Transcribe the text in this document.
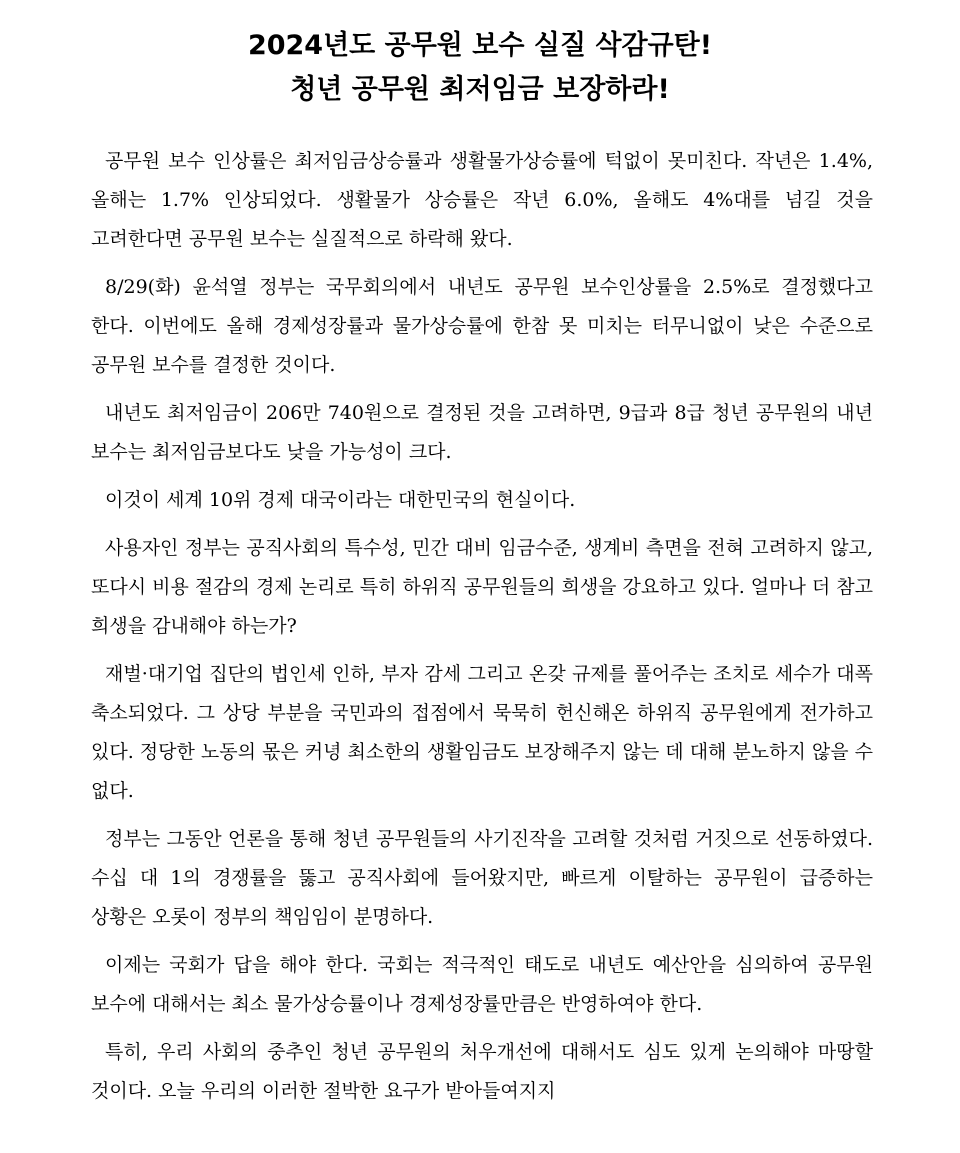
2024년도 공무원 보수 실질 삭감규탄!
청년 공무원 최저임금 보장하라!

공무원 보수 인상률은 최저임금상승률과 생활물가상승률에 턱없이 못미친다. 작년은 1.4%, 올해는 1.7% 인상되었다. 생활물가 상승률은 작년 6.0%, 올해도 4%대를 넘길 것을 고려한다면 공무원 보수는 실질적으로 하락해 왔다.

8/29(화) 윤석열 정부는 국무회의에서 내년도 공무원 보수인상률을 2.5%로 결정했다고 한다. 이번에도 올해 경제성장률과 물가상승률에 한참 못 미치는 터무니없이 낮은 수준으로 공무원 보수를 결정한 것이다.

내년도 최저임금이 206만 740원으로 결정된 것을 고려하면, 9급과 8급 청년 공무원의 내년 보수는 최저임금보다도 낮을 가능성이 크다.

이것이 세계 10위 경제 대국이라는 대한민국의 현실이다.

사용자인 정부는 공직사회의 특수성, 민간 대비 임금수준, 생계비 측면을 전혀 고려하지 않고, 또다시 비용 절감의 경제 논리로 특히 하위직 공무원들의 희생을 강요하고 있다. 얼마나 더 참고 희생을 감내해야 하는가?

재벌·대기업 집단의 법인세 인하, 부자 감세 그리고 온갖 규제를 풀어주는 조치로 세수가 대폭 축소되었다. 그 상당 부분을 국민과의 접점에서 묵묵히 헌신해온 하위직 공무원에게 전가하고 있다. 정당한 노동의 몫은 커녕 최소한의 생활임금도 보장해주지 않는 데 대해 분노하지 않을 수 없다.

정부는 그동안 언론을 통해 청년 공무원들의 사기진작을 고려할 것처럼 거짓으로 선동하였다. 수십 대 1의 경쟁률을 뚫고 공직사회에 들어왔지만, 빠르게 이탈하는 공무원이 급증하는 상황은 오롯이 정부의 책임임이 분명하다.

이제는 국회가 답을 해야 한다. 국회는 적극적인 태도로 내년도 예산안을 심의하여 공무원 보수에 대해서는 최소 물가상승률이나 경제성장률만큼은 반영하여야 한다.

특히, 우리 사회의 중추인 청년 공무원의 처우개선에 대해서도 심도 있게 논의해야 마땅할 것이다. 오늘 우리의 이러한 절박한 요구가 받아들여지지
